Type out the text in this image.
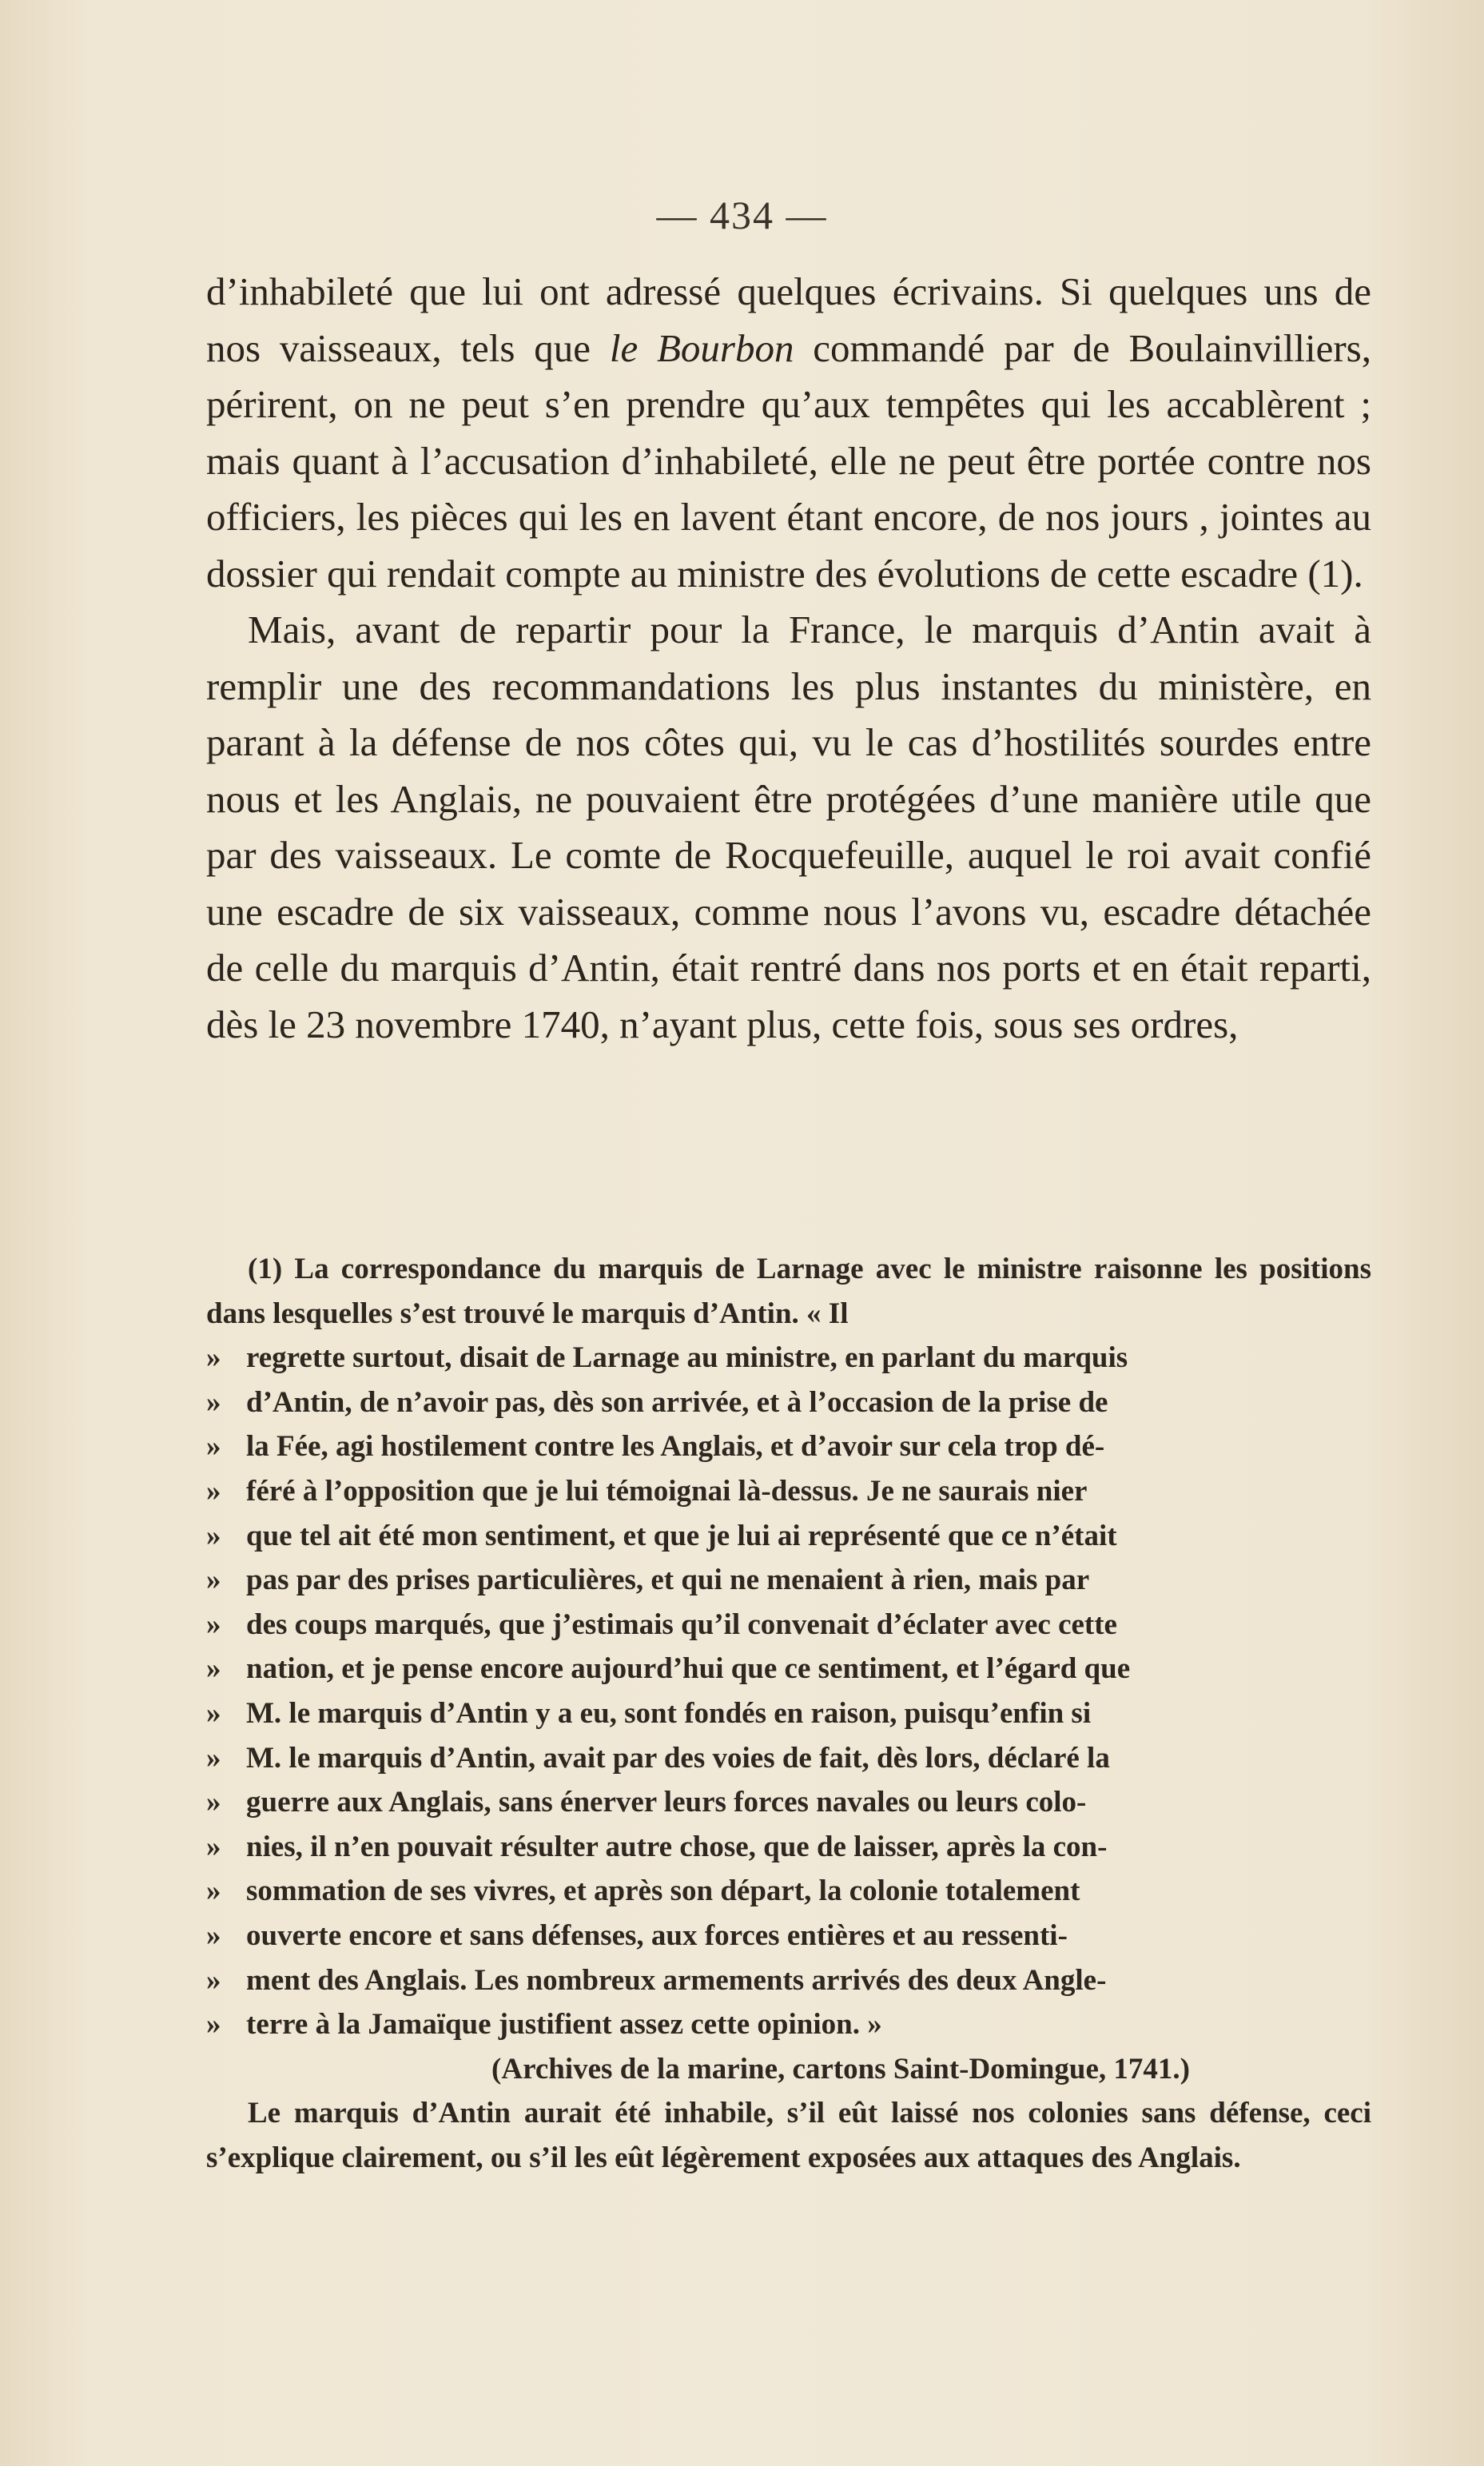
— 434 —

d’inhabileté que lui ont adressé quelques écrivains. Si quelques uns de nos vaisseaux, tels que le Bourbon commandé par de Boulainvilliers, périrent, on ne peut s’en prendre qu’aux tempêtes qui les accablèrent ; mais quant à l’accusation d’inhabileté, elle ne peut être portée contre nos officiers, les pièces qui les en lavent étant encore, de nos jours , jointes au dossier qui rendait compte au ministre des évolutions de cette escadre (1).

Mais, avant de repartir pour la France, le marquis d’Antin avait à remplir une des recommandations les plus instantes du ministère, en parant à la défense de nos côtes qui, vu le cas d’hostilités sourdes entre nous et les Anglais, ne pouvaient être protégées d’une manière utile que par des vaisseaux. Le comte de Rocquefeuille, auquel le roi avait confié une escadre de six vaisseaux, comme nous l’avons vu, escadre détachée de celle du marquis d’Antin, était rentré dans nos ports et en était reparti, dès le 23 novembre 1740, n’ayant plus, cette fois, sous ses ordres,

(1) La correspondance du marquis de Larnage avec le ministre raisonne les positions dans lesquelles s’est trouvé le marquis d’Antin. « Il

» regrette surtout, disait de Larnage au ministre, en parlant du marquis
» d’Antin, de n’avoir pas, dès son arrivée, et à l’occasion de la prise de
» la Fée, agi hostilement contre les Anglais, et d’avoir sur cela trop dé-
» féré à l’opposition que je lui témoignai là-dessus. Je ne saurais nier
» que tel ait été mon sentiment, et que je lui ai représenté que ce n’était
» pas par des prises particulières, et qui ne menaient à rien, mais par
» des coups marqués, que j’estimais qu’il convenait d’éclater avec cette
» nation, et je pense encore aujourd’hui que ce sentiment, et l’égard que
» M. le marquis d’Antin y a eu, sont fondés en raison, puisqu’enfin si
» M. le marquis d’Antin, avait par des voies de fait, dès lors, déclaré la
» guerre aux Anglais, sans énerver leurs forces navales ou leurs colo-
» nies, il n’en pouvait résulter autre chose, que de laisser, après la con-
» sommation de ses vivres, et après son départ, la colonie totalement
» ouverte encore et sans défenses, aux forces entières et au ressenti-
» ment des Anglais. Les nombreux armements arrivés des deux Angle-
» terre à la Jamaïque justifient assez cette opinion. »

(Archives de la marine, cartons Saint-Domingue, 1741.)

Le marquis d’Antin aurait été inhabile, s’il eût laissé nos colonies sans défense, ceci s’explique clairement, ou s’il les eût légèrement exposées aux attaques des Anglais.
